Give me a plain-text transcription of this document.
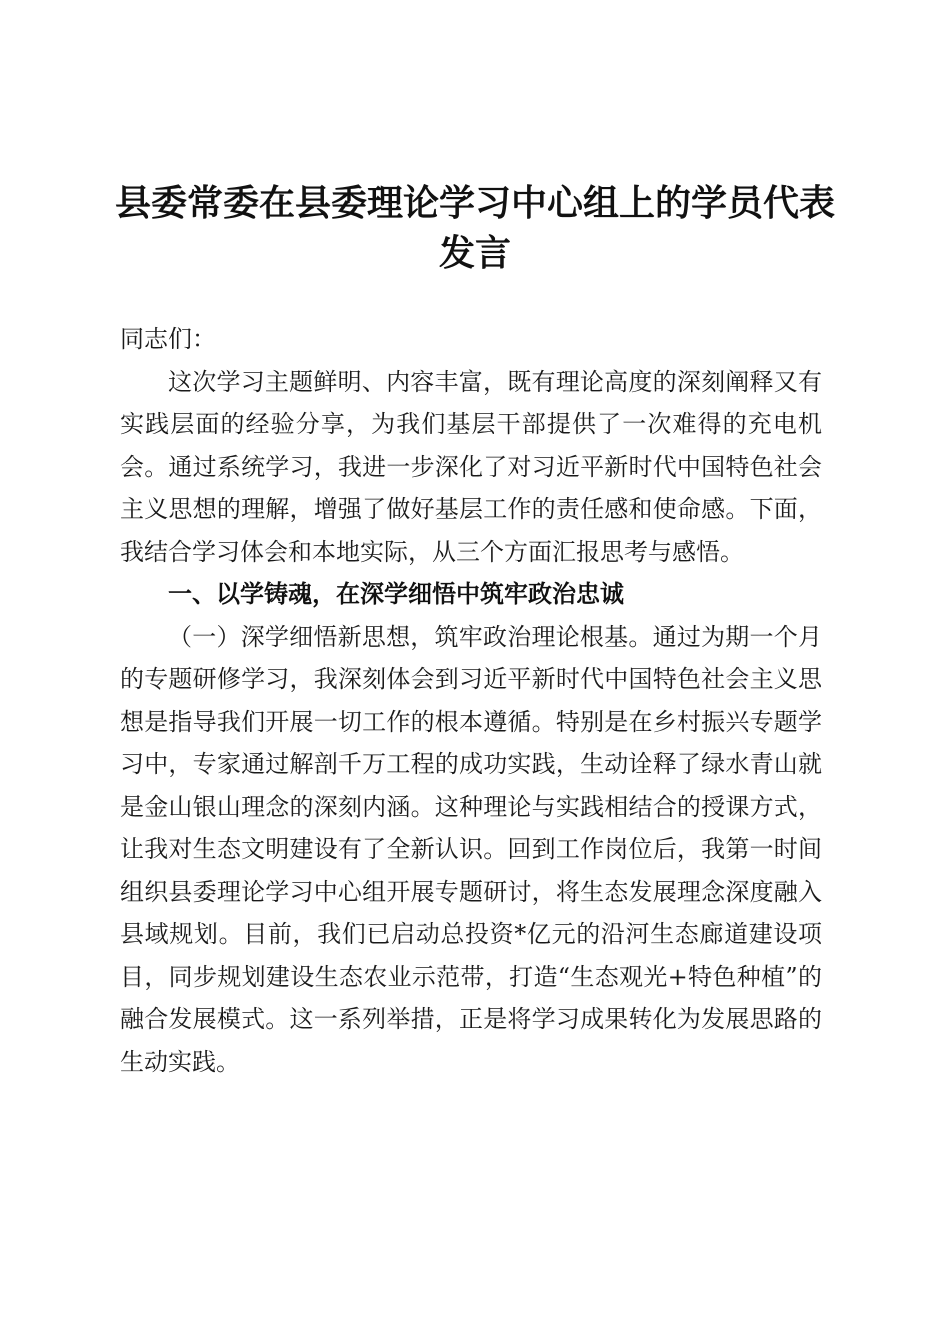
县委常委在县委理论学习中心组上的学员代表发言

同志们：

这次学习主题鲜明、内容丰富，既有理论高度的深刻阐释又有实践层面的经验分享，为我们基层干部提供了一次难得的充电机会。通过系统学习，我进一步深化了对习近平新时代中国特色社会主义思想的理解，增强了做好基层工作的责任感和使命感。下面，我结合学习体会和本地实际，从三个方面汇报思考与感悟。

一、以学铸魂，在深学细悟中筑牢政治忠诚

（一）深学细悟新思想，筑牢政治理论根基。通过为期一个月的专题研修学习，我深刻体会到习近平新时代中国特色社会主义思想是指导我们开展一切工作的根本遵循。特别是在乡村振兴专题学习中，专家通过解剖千万工程的成功实践，生动诠释了绿水青山就是金山银山理念的深刻内涵。这种理论与实践相结合的授课方式，让我对生态文明建设有了全新认识。回到工作岗位后，我第一时间组织县委理论学习中心组开展专题研讨，将生态发展理念深度融入县域规划。目前，我们已启动总投资*亿元的沿河生态廊道建设项目，同步规划建设生态农业示范带，打造“生态观光+特色种植”的融合发展模式。这一系列举措，正是将学习成果转化为发展思路的生动实践。
